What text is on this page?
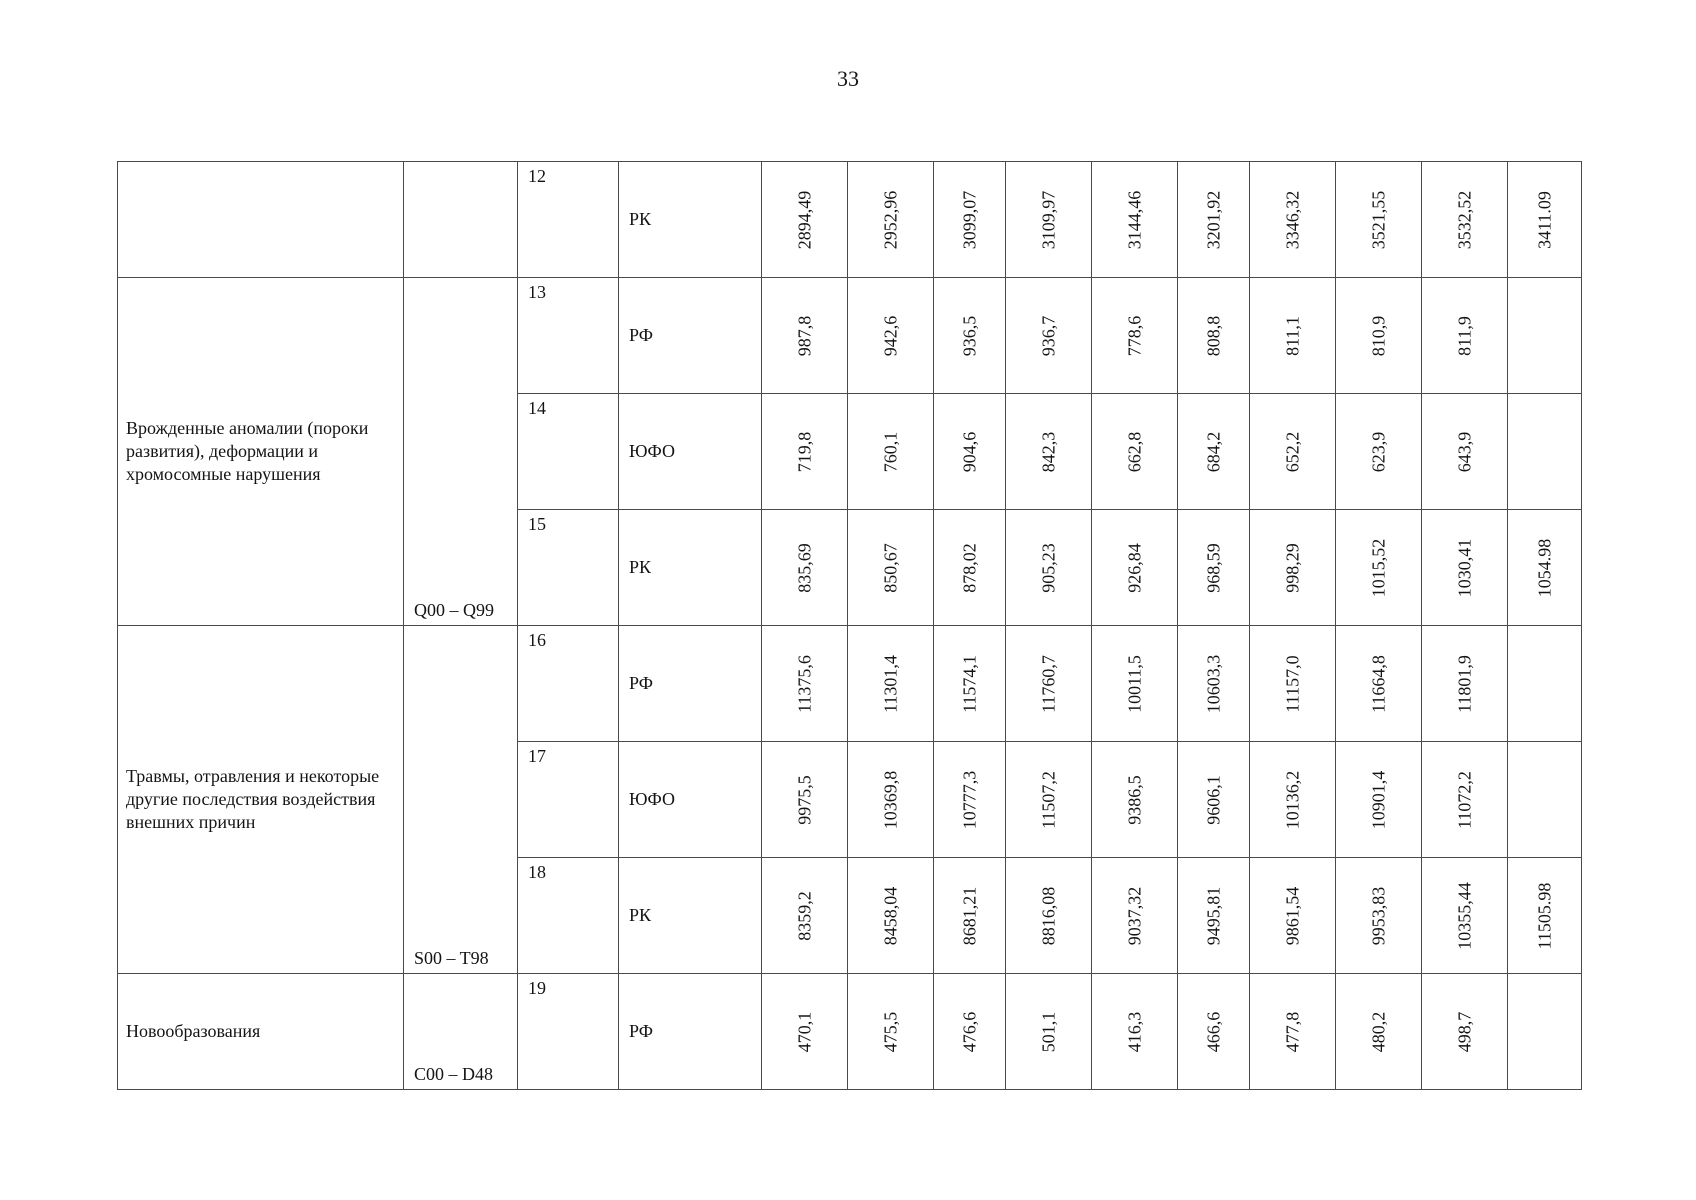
33
		12	РК	2894,49	2952,96	3099,07	3109,97	3144,46	3201,92	3346,32	3521,55	3532,52	3411.09

Врожденные аномалии (пороки развития), деформации и хромосомные нарушения	Q00 – Q99	13	РФ	987,8	942,6	936,5	936,7	778,6	808,8	811,1	810,9	811,9	

		14	ЮФО	719,8	760,1	904,6	842,3	662,8	684,2	652,2	623,9	643,9	

		15	РК	835,69	850,67	878,02	905,23	926,84	968,59	998,29	1015,52	1030,41	1054.98

Травмы, отравления и некоторые другие последствия воздействия внешних причин	S00 – T98	16	РФ	11375,6	11301,4	11574,1	11760,7	10011,5	10603,3	11157,0	11664,8	11801,9	

		17	ЮФО	9975,5	10369,8	10777,3	11507,2	9386,5	9606,1	10136,2	10901,4	11072,2	

		18	РК	8359,2	8458,04	8681,21	8816,08	9037,32	9495,81	9861,54	9953,83	10355,44	11505.98

Новообразования	C00 – D48	19	РФ	470,1	475,5	476,6	501,1	416,3	466,6	477,8	480,2	498,7	
